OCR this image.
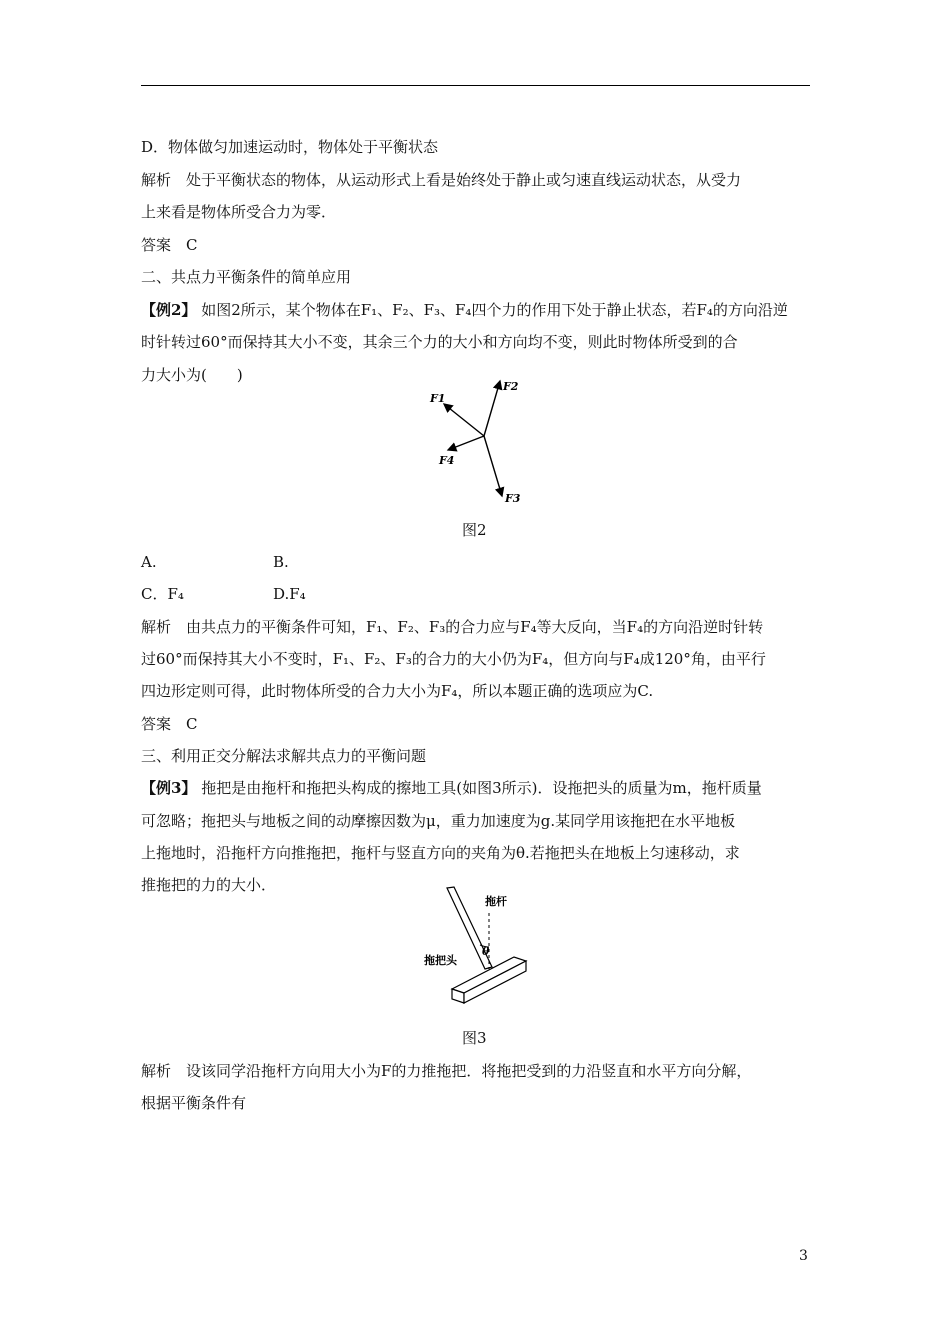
D．物体做匀加速运动时，物体处于平衡状态
解析　处于平衡状态的物体，从运动形式上看是始终处于静止或匀速直线运动状态，从受力
上来看是物体所受合力为零．
答案　C
二、共点力平衡条件的简单应用
【例2】 如图2所示，某个物体在F₁、F₂、F₃、F₄四个力的作用下处于静止状态，若F₄的方向沿逆
时针转过60°而保持其大小不变，其余三个力的大小和方向均不变，则此时物体所受到的合
力大小为(　　)
F2
F1
F4
F3
图2
A.	B.
C．F₄	D.F₄
解析　由共点力的平衡条件可知，F₁、F₂、F₃的合力应与F₄等大反向，当F₄的方向沿逆时针转
过60°而保持其大小不变时，F₁、F₂、F₃的合力的大小仍为F₄，但方向与F₄成120°角，由平行
四边形定则可得，此时物体所受的合力大小为F₄，所以本题正确的选项应为C.
答案　C
三、利用正交分解法求解共点力的平衡问题
【例3】 拖把是由拖杆和拖把头构成的擦地工具(如图3所示)．设拖把头的质量为m，拖杆质量
可忽略；拖把头与地板之间的动摩擦因数为μ，重力加速度为g.某同学用该拖把在水平地板
上拖地时，沿拖杆方向推拖把，拖杆与竖直方向的夹角为θ.若拖把头在地板上匀速移动，求
推拖把的力的大小．
拖杆
θ
拖把头
图3
解析　设该同学沿拖杆方向用大小为F的力推拖把．将拖把受到的力沿竖直和水平方向分解，
根据平衡条件有
3
